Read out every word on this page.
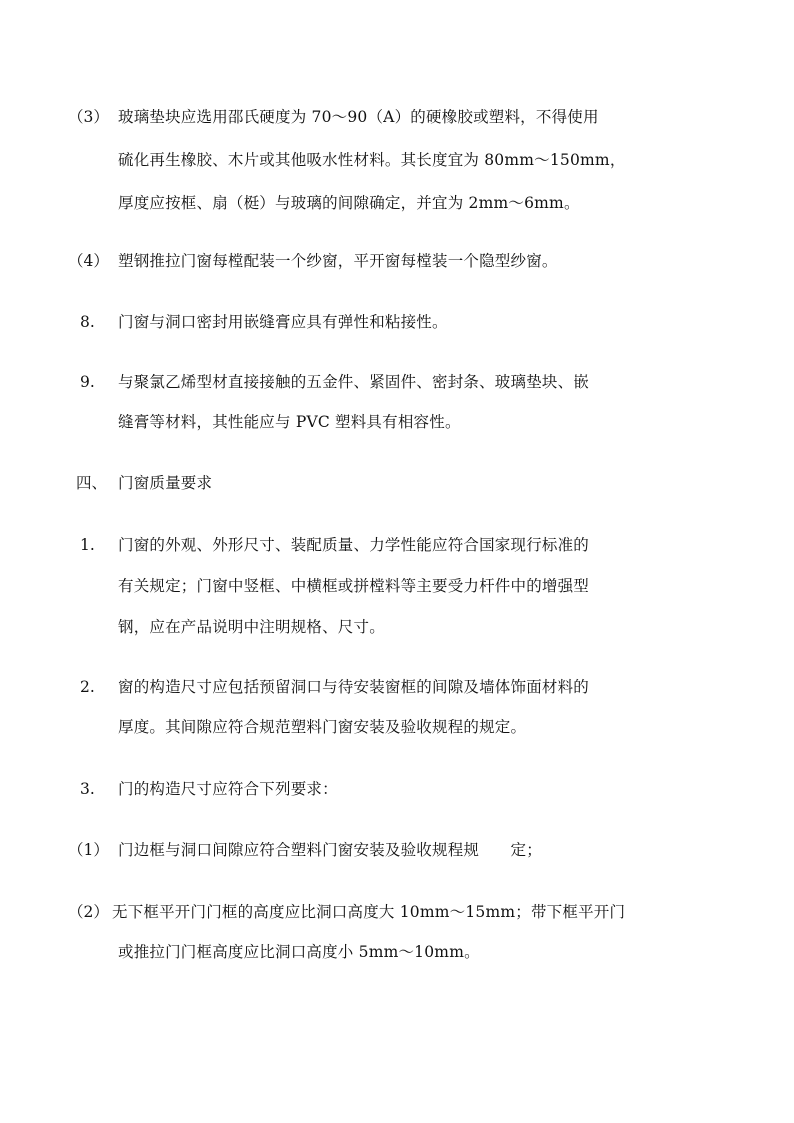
（3） 玻璃垫块应选用邵氏硬度为 70～90（A）的硬橡胶或塑料，不得使用
硫化再生橡胶、木片或其他吸水性材料。其长度宜为 80mm～150mm，
厚度应按框、扇（梃）与玻璃的间隙确定，并宜为 2mm～6mm。
（4） 塑钢推拉门窗每樘配装一个纱窗，平开窗每樘装一个隐型纱窗。
8. 门窗与洞口密封用嵌缝膏应具有弹性和粘接性。
9. 与聚氯乙烯型材直接接触的五金件、紧固件、密封条、玻璃垫块、嵌
缝膏等材料，其性能应与 PVC 塑料具有相容性。
四、 门窗质量要求
1. 门窗的外观、外形尺寸、装配质量、力学性能应符合国家现行标准的
有关规定；门窗中竖框、中横框或拼樘料等主要受力杆件中的增强型
钢，应在产品说明中注明规格、尺寸。
2. 窗的构造尺寸应包括预留洞口与待安装窗框的间隙及墙体饰面材料的
厚度。其间隙应符合规范塑料门窗安装及验收规程的规定。
3. 门的构造尺寸应符合下列要求：
（1） 门边框与洞口间隙应符合塑料门窗安装及验收规程规　　定；
（2） 无下框平开门门框的高度应比洞口高度大 10mm～15mm；带下框平开门
或推拉门门框高度应比洞口高度小 5mm～10mm。
